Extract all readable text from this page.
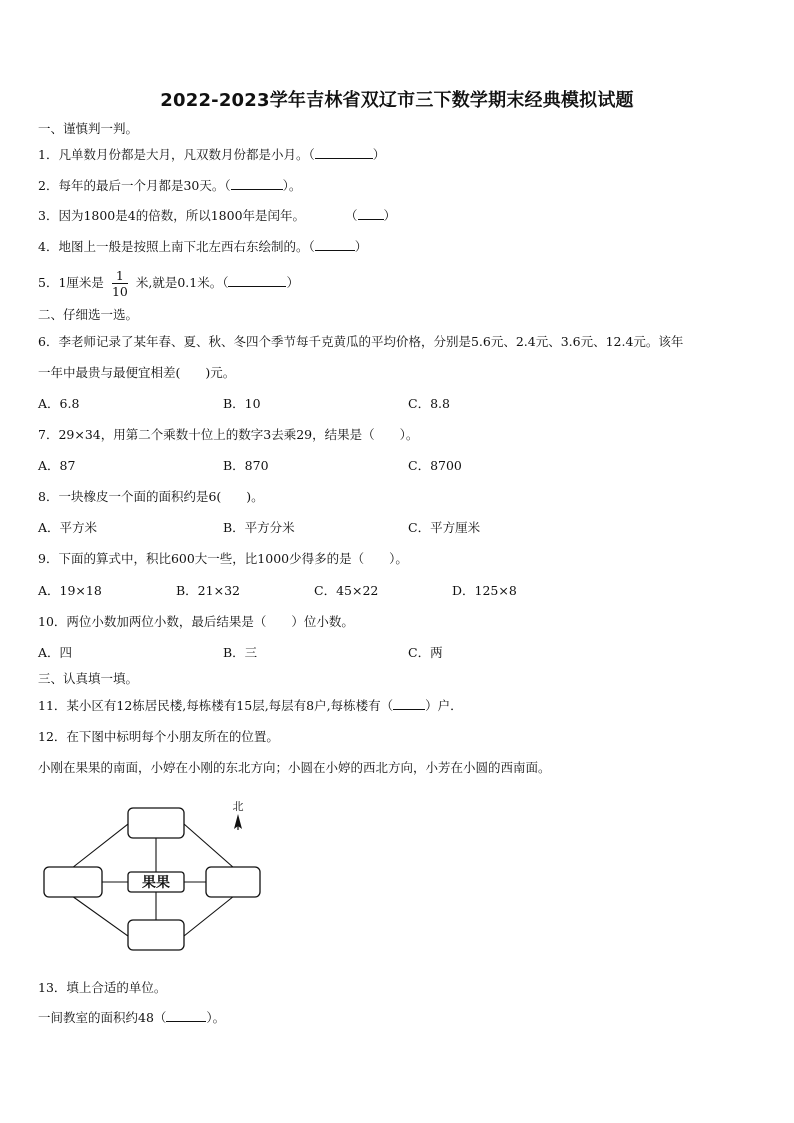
2022-2023学年吉林省双辽市三下数学期末经典模拟试题
一、谨慎判一判。
1．凡单数月份都是大月，凡双数月份都是小月。（	）
2．每年的最后一个月都是30天。（	）。
3．因为1800是4的倍数，所以1800年是闰年。	（ ）
4．地图上一般是按照上南下北左西右东绘制的。（	）
5．1厘米是 $\frac{1}{10}$ 米,就是0.1米。（	）
二、仔细选一选。
6．李老师记录了某年春、夏、秋、冬四个季节每千克黄瓜的平均价格，分别是5.6元、2.4元、3.6元、12.4元。该年
一年中最贵与最便宜相差(　　)元。
A．6.8	B．10	C．8.8
7．29×34，用第二个乘数十位上的数字3去乘29，结果是（　　）。
A．87	B．870	C．8700
8．一块橡皮一个面的面积约是6(　　)。
A．平方米	B．平方分米	C．平方厘米
9．下面的算式中，积比600大一些，比1000少得多的是（　　）。
A．19×18	B．21×32	C．45×22	D．125×8
10．两位小数加两位小数，最后结果是（　　）位小数。
A．四	B．三	C．两
三、认真填一填。
11．某小区有12栋居民楼,每栋楼有15层,每层有8户,每栋楼有（	）户．
12．在下图中标明每个小朋友所在的位置。
小刚在果果的南面，小婷在小刚的东北方向；小圆在小婷的西北方向，小芳在小圆的西南面。
果果
北
13．填上合适的单位。
一间教室的面积约48（	）。
